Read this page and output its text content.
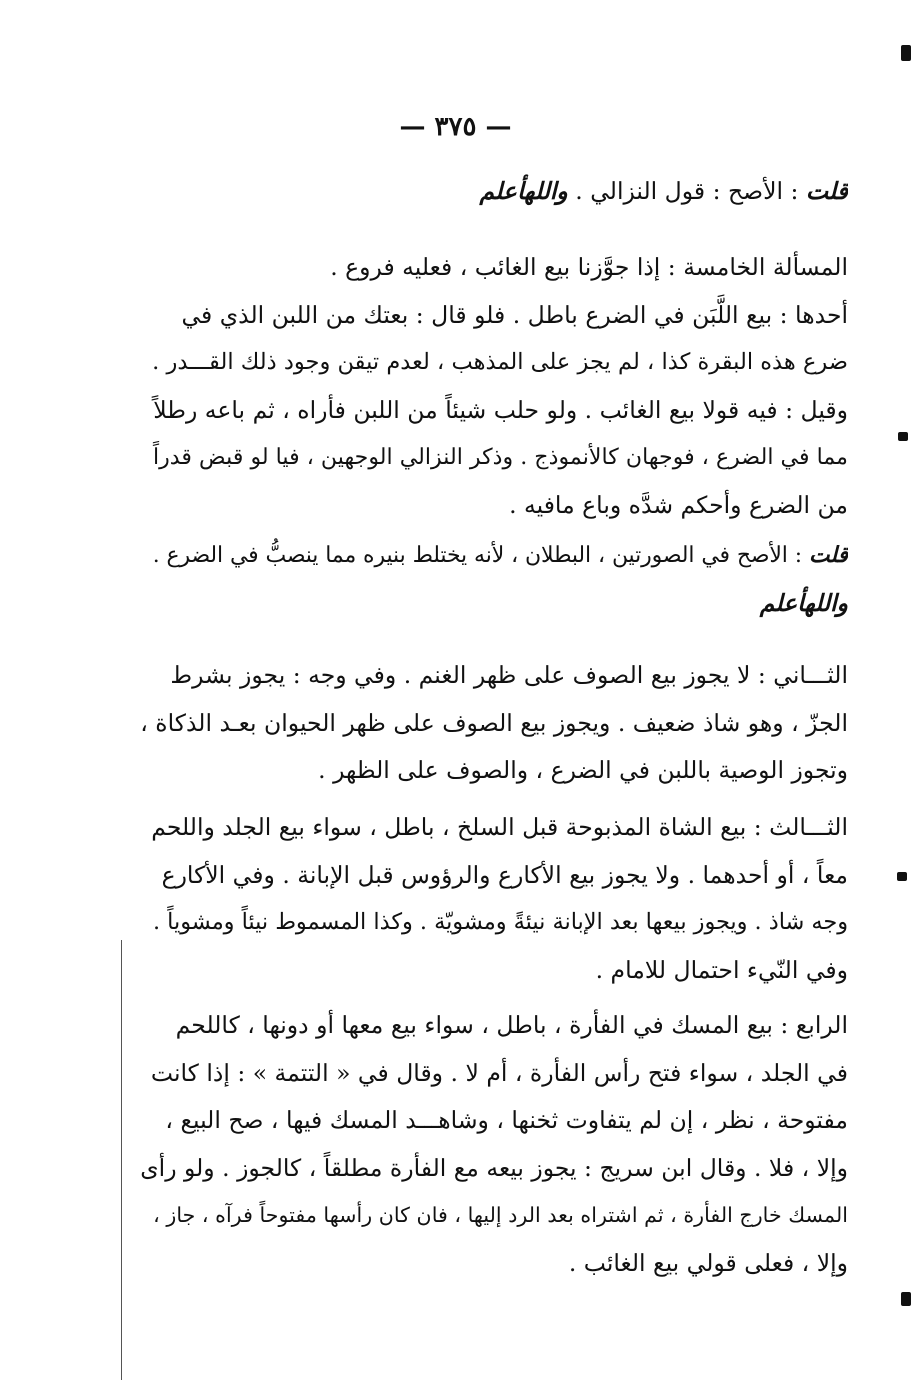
— ٣٧٥ —
قلت : الأصح : قول النزالي . واللهأعلم
المسألة الخامسة : إذا جوَّزنا بيع الغائب ، فعليه فروع .
أحدها : بيع اللَّبَن في الضرع باطل . فلو قال : بعتك من اللبن الذي في
ضرع هذه البقرة كذا ، لم يجز على المذهب ، لعدم تيقن وجود ذلك القـــدر .
وقيل : فيه قولا بيع الغائب . ولو حلب شيئاً من اللبن فأراه ، ثم باعه رطلاً
مما في الضرع ، فوجهان كالأنموذج . وذكر النزالي الوجهين ، فيا لو قبض قدراً
من الضرع وأحكم شدَّه وباع مافيه .
قلت : الأصح في الصورتين ، البطلان ، لأنه يختلط بنيره مما ينصبُّ في الضرع .
واللهأعلم
الثـــاني : لا يجوز بيع الصوف على ظهر الغنم . وفي وجه : يجوز بشرط
الجزّ ، وهو شاذ ضعيف . ويجوز بيع الصوف على ظهر الحيوان بعـد الذكاة ،
وتجوز الوصية باللبن في الضرع ، والصوف على الظهر .
الثـــالث : بيع الشاة المذبوحة قبل السلخ ، باطل ، سواء بيع الجلد واللحم
معاً ، أو أحدهما . ولا يجوز بيع الأكارع والرؤوس قبل الإبانة . وفي الأكارع
وجه شاذ . ويجوز بيعها بعد الإبانة نيئةً ومشويّة . وكذا المسموط نيئاً ومشوياً .
وفي النّيء احتمال للامام .
الرابع : بيع المسك في الفأرة ، باطل ، سواء بيع معها أو دونها ، كاللحم
في الجلد ، سواء فتح رأس الفأرة ، أم لا . وقال في « التتمة » : إذا كانت
مفتوحة ، نظر ، إن لم يتفاوت ثخنها ، وشاهـــد المسك فيها ، صح البيع ،
وإلا ، فلا . وقال ابن سريج : يجوز بيعه مع الفأرة مطلقاً ، كالجوز . ولو رأى
المسك خارج الفأرة ، ثم اشتراه بعد الرد إليها ، فان كان رأسها مفتوحاً فرآه ، جاز ،
وإلا ، فعلى قولي بيع الغائب .
